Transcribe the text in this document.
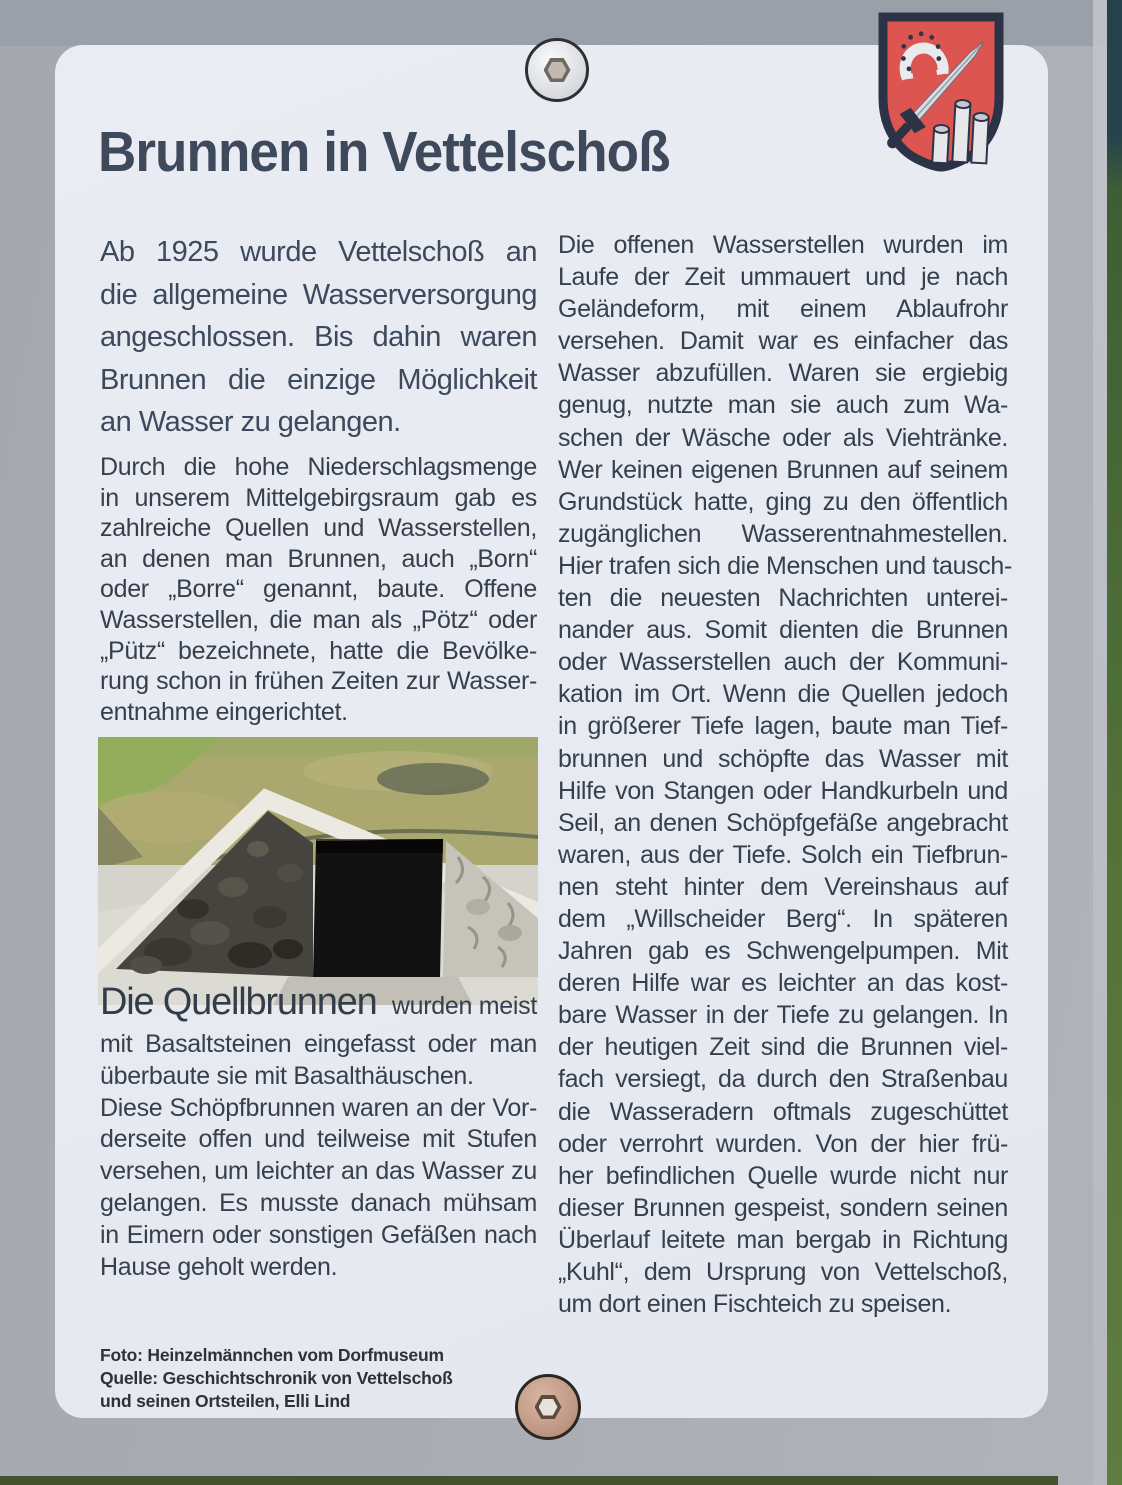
Brunnen in Vettelschoß
Ab 1925 wurde Vettelschoß an
die allgemeine Wasserversorgung
angeschlossen. Bis dahin waren
Brunnen die einzige Möglichkeit
an Wasser zu gelangen.
Durch die hohe Niederschlagsmenge
in unserem Mittelgebirgsraum gab es
zahlreiche Quellen und Wasserstellen,
an denen man Brunnen, auch „Born“
oder „Borre“ genannt, baute. Offene
Wasserstellen, die man als „Pötz“ oder
„Pütz“ bezeichnete, hatte die Bevölke-
rung schon in frühen Zeiten zur Wasser-
entnahme eingerichtet.
Die Quellbrunnen wurden meist
mit Basaltsteinen eingefasst oder man
überbaute sie mit Basalthäuschen.
Diese Schöpfbrunnen waren an der Vor-
derseite offen und teilweise mit Stufen
versehen, um leichter an das Wasser zu
gelangen. Es musste danach mühsam
in Eimern oder sonstigen Gefäßen nach
Hause geholt werden.
Foto: Heinzelmännchen vom Dorfmuseum
Quelle: Geschichtschronik von Vettelschoß
und seinen Ortsteilen, Elli Lind
Die offenen Wasserstellen wurden im
Laufe der Zeit ummauert und je nach
Geländeform, mit einem Ablaufrohr
versehen. Damit war es einfacher das
Wasser abzufüllen. Waren sie ergiebig
genug, nutzte man sie auch zum Wa-
schen der Wäsche oder als Viehtränke.
Wer keinen eigenen Brunnen auf seinem
Grundstück hatte, ging zu den öffentlich
zugänglichen Wasserentnahmestellen.
Hier trafen sich die Menschen und tausch-
ten die neuesten Nachrichten unterei-
nander aus. Somit dienten die Brunnen
oder Wasserstellen auch der Kommuni-
kation im Ort. Wenn die Quellen jedoch
in größerer Tiefe lagen, baute man Tief-
brunnen und schöpfte das Wasser mit
Hilfe von Stangen oder Handkurbeln und
Seil, an denen Schöpfgefäße angebracht
waren, aus der Tiefe. Solch ein Tiefbrun-
nen steht hinter dem Vereinshaus auf
dem „Willscheider Berg“. In späteren
Jahren gab es Schwengelpumpen. Mit
deren Hilfe war es leichter an das kost-
bare Wasser in der Tiefe zu gelangen. In
der heutigen Zeit sind die Brunnen viel-
fach versiegt, da durch den Straßenbau
die Wasseradern oftmals zugeschüttet
oder verrohrt wurden. Von der hier frü-
her befindlichen Quelle wurde nicht nur
dieser Brunnen gespeist, sondern seinen
Überlauf leitete man bergab in Richtung
„Kuhl“, dem Ursprung von Vettelschoß,
um dort einen Fischteich zu speisen.
